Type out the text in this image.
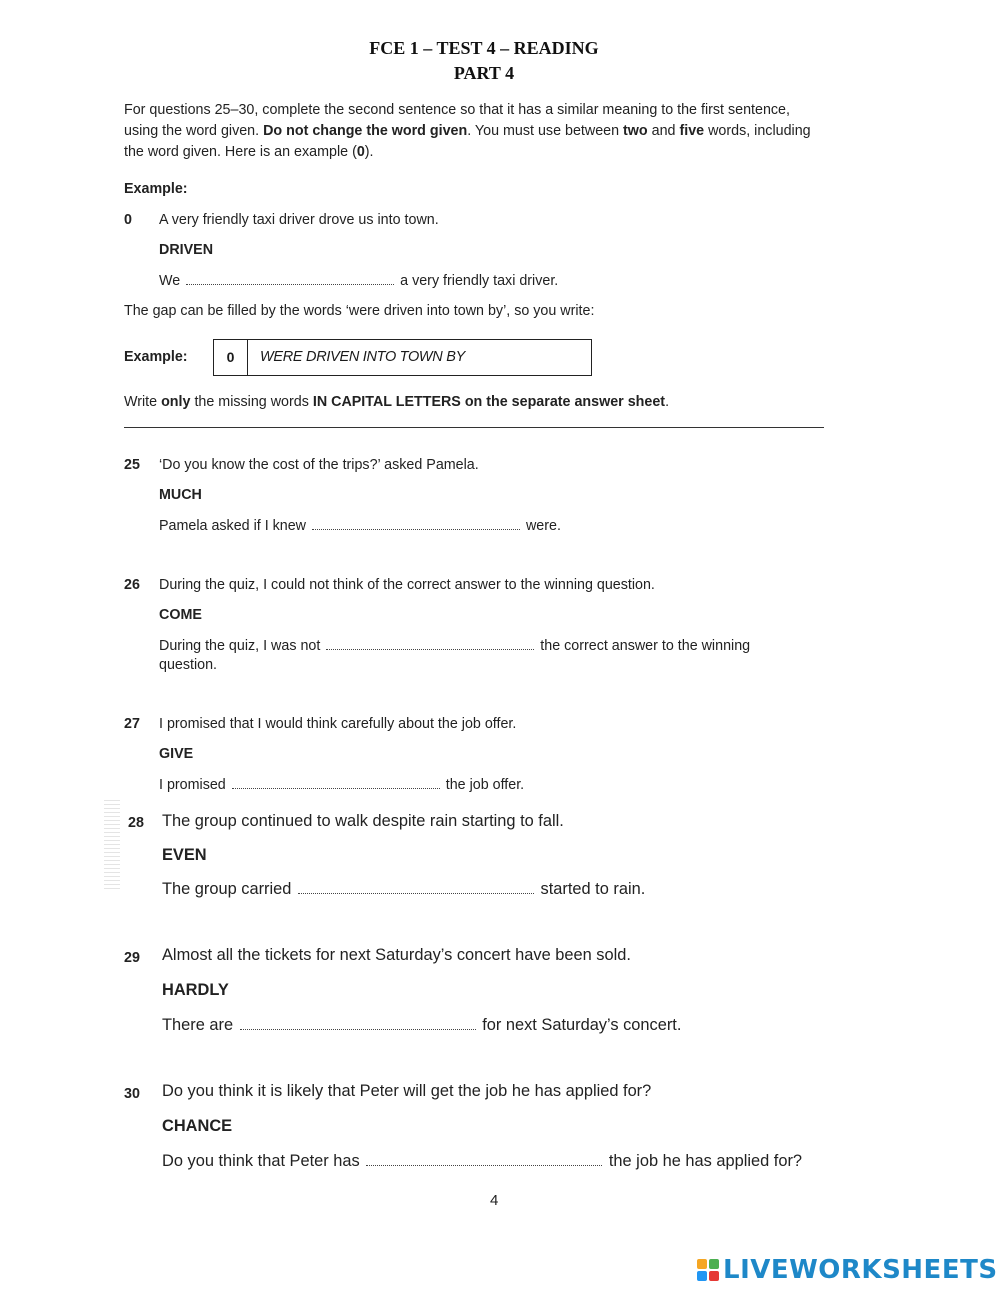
FCE 1 – TEST 4 – READING
PART 4
For questions 25–30, complete the second sentence so that it has a similar meaning to the first sentence, using the word given. Do not change the word given. You must use between two and five words, including the word given. Here is an example (0).
Example:
0 A very friendly taxi driver drove us into town.
DRIVEN
We	a very friendly taxi driver.
The gap can be filled by the words ‘were driven into town by’, so you write:
Example:	0	WERE DRIVEN INTO TOWN BY
Write only the missing words IN CAPITAL LETTERS on the separate answer sheet.
25 ‘Do you know the cost of the trips?’ asked Pamela.
MUCH
Pamela asked if I knew	were.
26 During the quiz, I could not think of the correct answer to the winning question.
COME
During the quiz, I was not	the correct answer to the winning
question.
27 I promised that I would think carefully about the job offer.
GIVE
I promised	the job offer.
28 The group continued to walk despite rain starting to fall.
EVEN
The group carried	started to rain.
29 Almost all the tickets for next Saturday’s concert have been sold.
HARDLY
There are	for next Saturday’s concert.
30 Do you think it is likely that Peter will get the job he has applied for?
CHANCE
Do you think that Peter has	the job he has applied for?
4
LIVEWORKSHEETS
